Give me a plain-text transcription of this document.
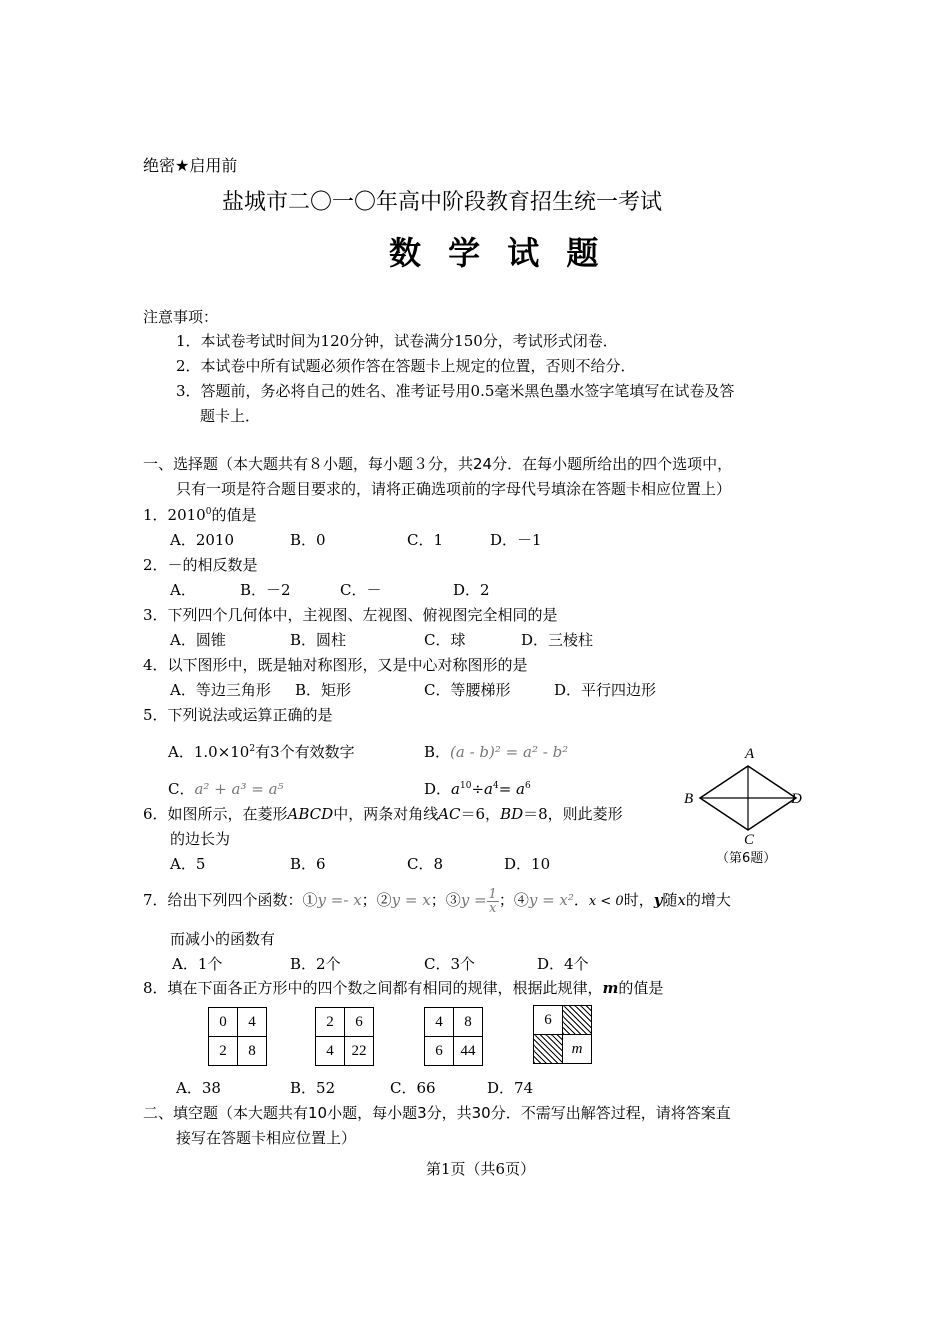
绝密★启用前
盐城市二〇一〇年高中阶段教育招生统一考试
数 学 试 题
注意事项：
1．本试卷考试时间为120分钟，试卷满分150分，考试形式闭卷．
2．本试卷中所有试题必须作答在答题卡上规定的位置，否则不给分．
3．答题前，务必将自己的姓名、准考证号用0.5毫米黑色墨水签字笔填写在试卷及答
题卡上．
一、选择题（本大题共有８小题，每小题３分，共24分．在每小题所给出的四个选项中，
只有一项是符合题目要求的，请将正确选项前的字母代号填涂在答题卡相应位置上）
1．2010$^0$的值是
A．2010	B．0	C．1	D．－1
2．－的相反数是
A．	B．－2	C．－	D．2
3．下列四个几何体中，主视图、左视图、俯视图完全相同的是
A．圆锥	B．圆柱	C．球	D．三棱柱
4．以下图形中，既是轴对称图形，又是中心对称图形的是
A．等边三角形 B．矩形	C．等腰梯形	D．平行四边形
5．下列说法或运算正确的是
A．$1.0\times 10^2$有3个有效数字	B．(a - b)² = a² - b²
C．a² + a³ = a⁵	D．$a^{10}\div a^4= a^6$
6．如图所示，在菱形ABCD中，两条对角线AC＝6，BD＝8，则此菱形
的边长为
A．5	B．6	C．8	D．10
A
B
C
D
（第6题）
7．给出下列四个函数：①y =- x；②y = x；③y = $\frac{1}{x}$ ；④y = x²．x < 0时，y随x的增大
而减小的函数有
A．1个	B．2个	C．3个	D．4个
8．填在下面各正方形中的四个数之间都有相同的规律，根据此规律，m的值是
0	4
2	8
2	6
4	22
4	8
6	44
6	
	m
A．38	B．52	C．66	D．74
二、填空题（本大题共有10小题，每小题3分，共30分．不需写出解答过程，请将答案直
接写在答题卡相应位置上）
第1页（共6页）
